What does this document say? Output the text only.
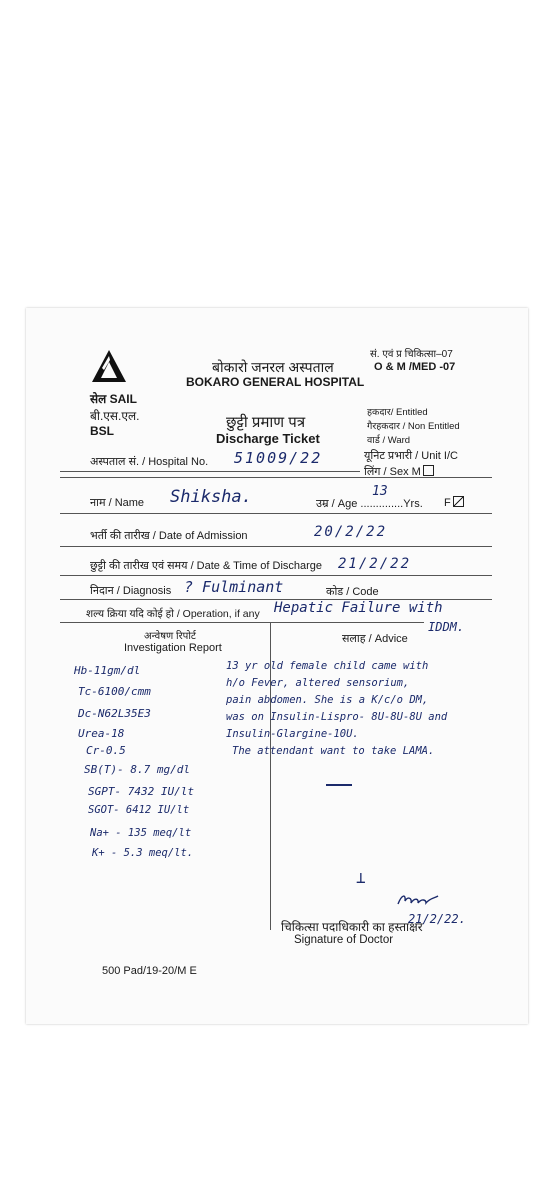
सेल SAIL
बी.एस.एल.
BSL
बोकारो जनरल अस्पताल
BOKARO GENERAL HOSPITAL
सं. एवं प्र चिकित्सा–07
O & M /MED -07
छुट्टी प्रमाण पत्र
Discharge Ticket
हकदार/ Entitled
गैरहकदार / Non Entitled
वार्ड / Ward
अस्पताल सं. / Hospital No. 51009/22	यूनिट प्रभारी / Unit I/C
लिंग / Sex M
नाम / Name Shiksha.	उम्र / Age ..............Yrs.
13
F
भर्ती की तारीख / Date of Admission	20/2/22
छुट्टी की तारीख एवं समय / Date & Time of Discharge 21/2/22
निदान / Diagnosis ? Fulminant	कोड / Code
शल्य क्रिया यदि कोई हो / Operation, if any Hepatic Failure with
IDDM.
अन्वेषण रिपोर्ट
Investigation Report
सलाह / Advice
Hb-11gm/dl
Tc-6100/cmm
Dc-N62L35E3
Urea-18
Cr-0.5
SB(T)- 8.7 mg/dl
SGPT- 7432 IU/lt
SGOT- 6412 IU/lt
Na+ - 135 meq/lt
K+ - 5.3 meq/lt.
13 yr old female child came with
h/o Fever, altered sensorium,
pain abdomen. She is a K/c/o DM,
was on Insulin-Lispro- 8U-8U-8U and
Insulin-Glargine-10U.
The attendant want to take LAMA.
⊥
चिकित्सा पदाधिकारी का हस्ताक्षर
21/2/22.
Signature of Doctor
500 Pad/19-20/M E
